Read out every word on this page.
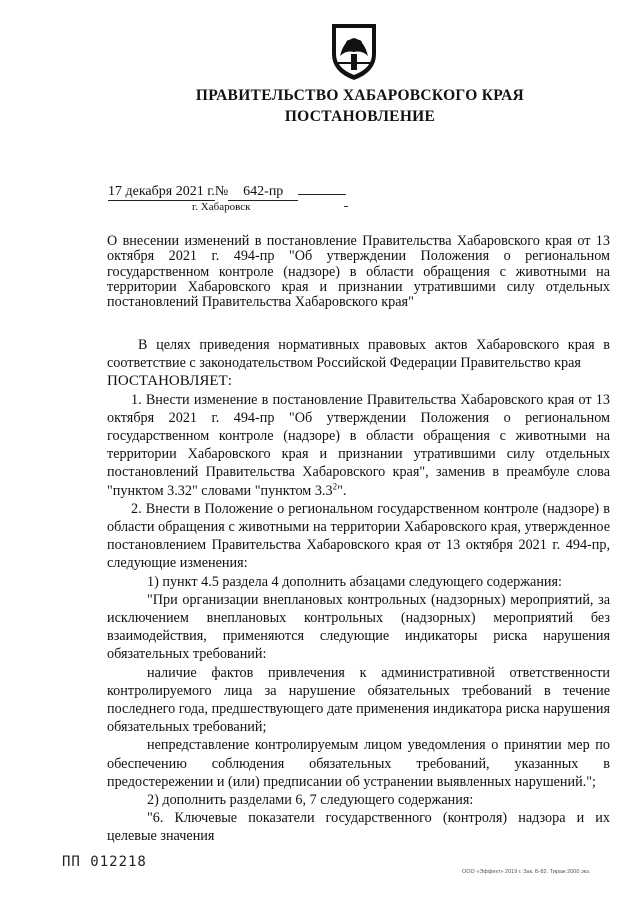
ПРАВИТЕЛЬСТВО ХАБАРОВСКОГО КРАЯ
ПОСТАНОВЛЕНИЕ
17 декабря 2021 г.№ 642-пр
г. Хабаровск
О внесении изменений в постановление Правительства Хабаровского края от 13 октября 2021 г. 494-пр "Об утверждении Положения о региональном государственном контроле (надзоре) в области обращения с животными на территории Хабаровского края и признании утратившими силу отдельных постановлений Правительства Хабаровского края"

В целях приведения нормативных правовых актов Хабаровского края в соответствие с законодательством Российской Федерации Правительство края

ПОСТАНОВЛЯЕТ:

1. Внести изменение в постановление Правительства Хабаровского края от 13 октября 2021 г. 494-пр "Об утверждении Положения о региональном государственном контроле (надзоре) в области обращения с животными на территории Хабаровского края и признании утратившими силу отдельных постановлений Правительства Хабаровского края", заменив в преамбуле слова "пунктом 3.32" словами "пунктом $3.3^2$".

2. Внести в Положение о региональном государственном контроле (надзоре) в области обращения с животными на территории Хабаровского края, утвержденное постановлением Правительства Хабаровского края от 13 октября 2021 г. 494-пр, следующие изменения:

1) пункт 4.5 раздела 4 дополнить абзацами следующего содержания:

"При организации внеплановых контрольных (надзорных) мероприятий, за исключением внеплановых контрольных (надзорных) мероприятий без взаимодействия, применяются следующие индикаторы риска нарушения обязательных требований:

наличие фактов привлечения к административной ответственности контролируемого лица за нарушение обязательных требований в течение последнего года, предшествующего дате применения индикатора риска нарушения обязательных требований;

непредставление контролируемым лицом уведомления о принятии мер по обеспечению соблюдения обязательных требований, указанных в предостережении и (или) предписании об устранении выявленных нарушений.";

2) дополнить разделами 6, 7 следующего содержания:

"6. Ключевые показатели государственного (контроля) надзора и их целевые значения

ПП 012218
ООО «Эффект» 2019 г. Зак. Б-82. Тираж 2000 экз.
